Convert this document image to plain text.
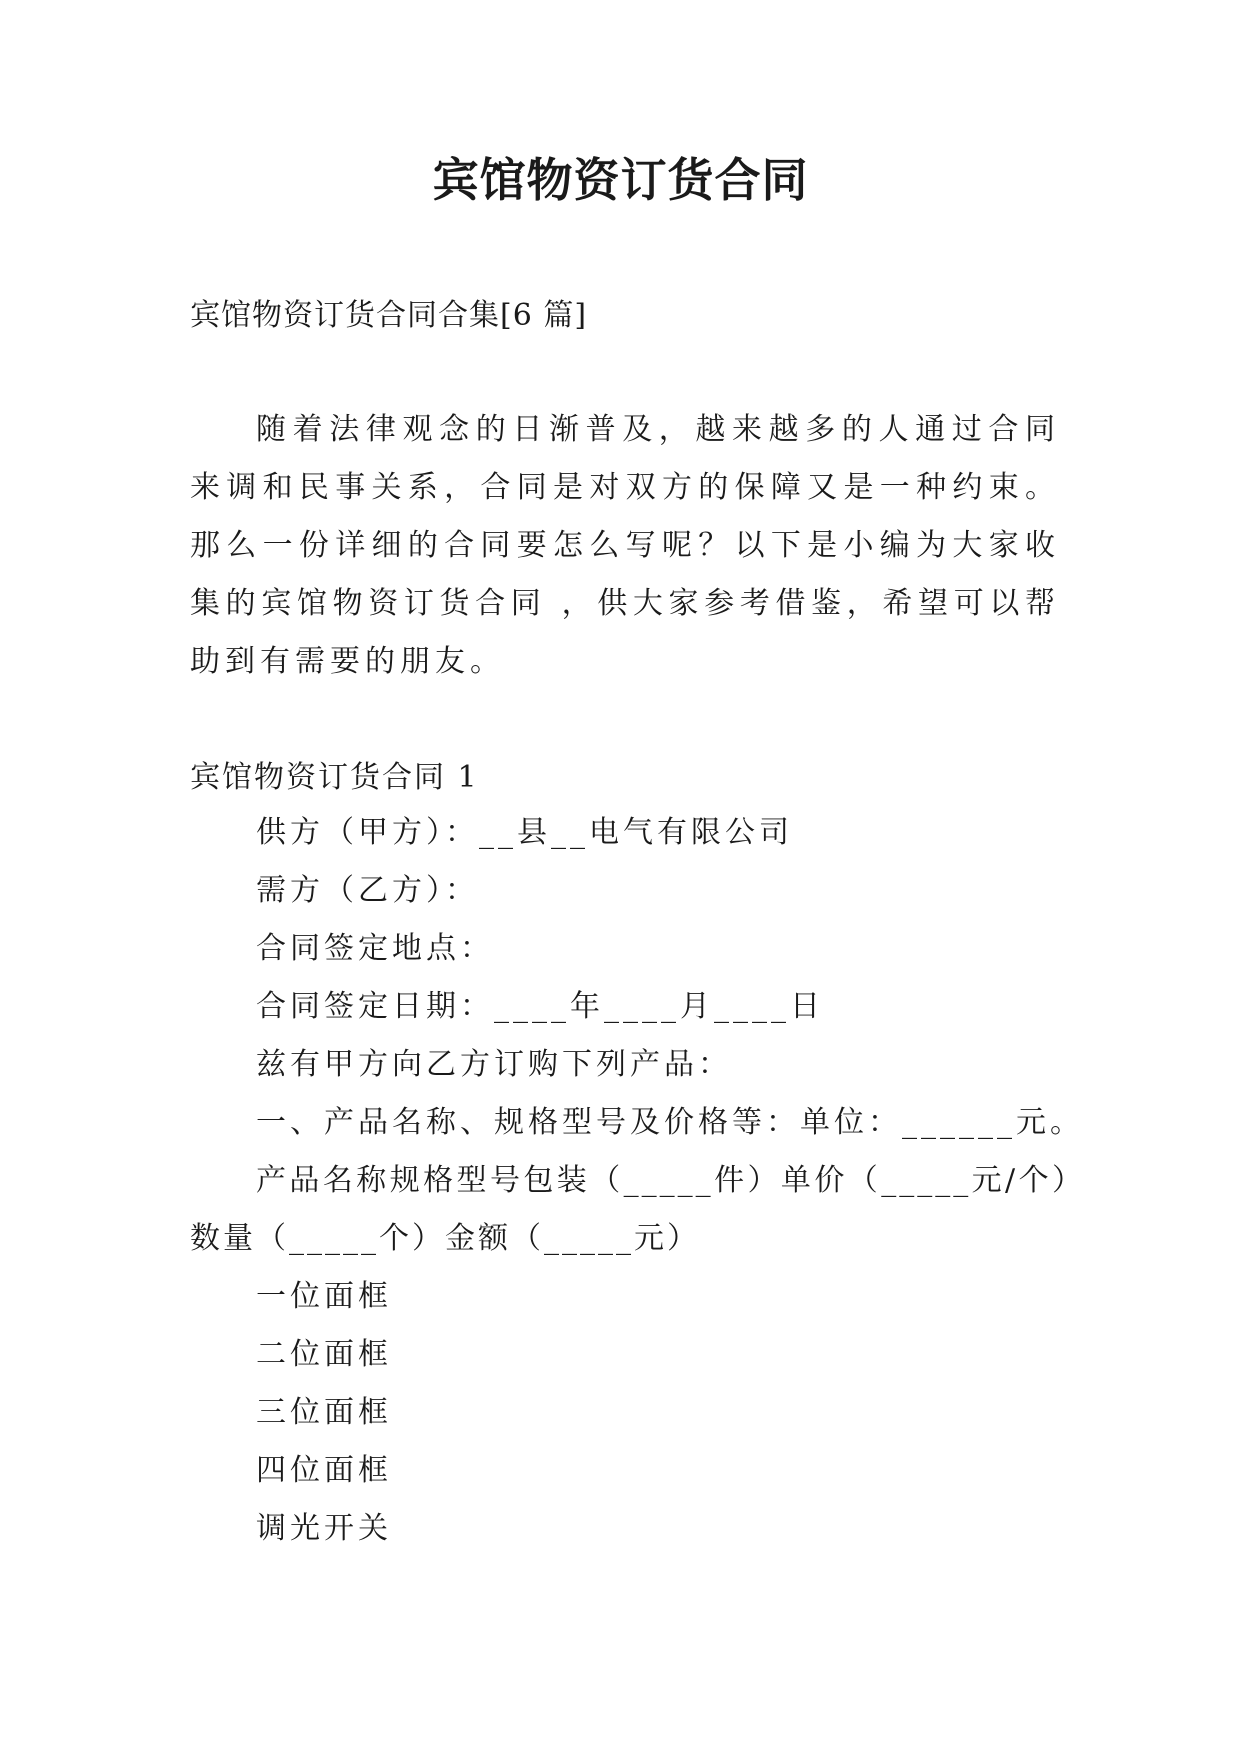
宾馆物资订货合同
宾馆物资订货合同合集[6 篇]

随着法律观念的日渐普及，越来越多的人通过合同来调和民事关系，合同是对双方的保障又是一种约束。那么一份详细的合同要怎么写呢？以下是小编为大家收集的宾馆物资订货合同 ，供大家参考借鉴，希望可以帮助到有需要的朋友。

宾馆物资订货合同 1

供方（甲方）：__县__电气有限公司

需方（乙方）：

合同签定地点：

合同签定日期：____年____月____日

兹有甲方向乙方订购下列产品：

一、产品名称、规格型号及价格等：单位：______元。

产品名称规格型号包装（_____件）单价（_____元/个）数量（_____个）金额（_____元）

一位面框

二位面框

三位面框

四位面框

调光开关
